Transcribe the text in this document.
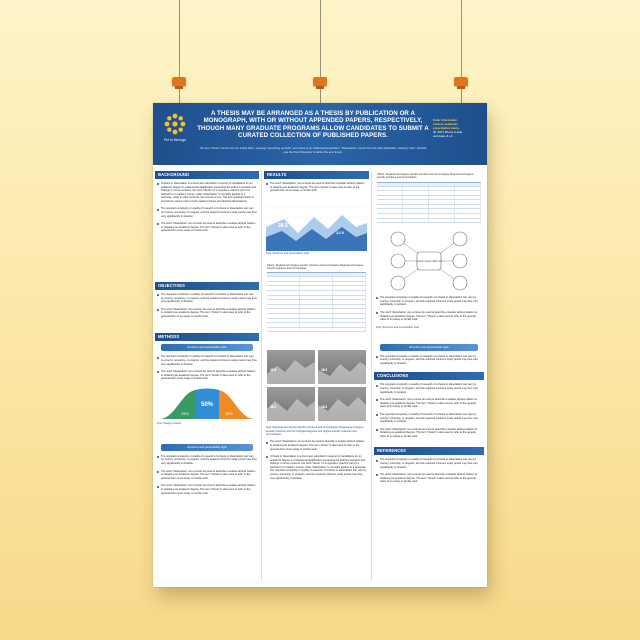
Put in the logo
A THESIS MAY BE ARRANGED AS A THESIS BY PUBLICATION OR A MONOGRAPH, WITH OR WITHOUT APPENDED PAPERS, RESPECTIVELY, THOUGH MANY GRADUATE PROGRAMS ALLOW CANDIDATES TO SUBMIT A CURATED COLLECTION OF PUBLISHED PAPERS.
The term "thesis" comes from the Greek θέσις, meaning "something put forth", and refers to an intellectual proposition. "Dissertation" comes from the Latin dissertātiō, meaning "path". Aristotle was the first philosopher to define the term thesis.
Enter information
such as academic
presentation name,
ID: 2017 Phone & date
and dates & url
BACKGROUND
A thesis or dissertation is a document submitted in support of candidature for an academic degree or professional qualification presenting the author's research and findings. In some contexts, the word "thesis" or a cognate is used for part of a bachelor's or master's course, while "dissertation" is normally applied to a doctorate, while in other contexts, the reverse is true. The term graduate thesis is sometimes used to refer to both master's theses and doctoral dissertations.
The required complexity or quality of research of a thesis or dissertation can vary by country, university, or program, and the required minimum study period may thus vary significantly in duration.
The word "dissertation" can at times be used to describe a treatise without relation to obtaining an academic degree. The term "thesis" is also used to refer to the general claim of an essay or similar work.
OBJECTIVES
The required complexity or quality of research of a thesis or dissertation can vary by country, university, or program, and the required minimum study period may thus vary significantly in duration.
The word "dissertation" can at times be used to describe a treatise without relation to obtaining an academic degree. The term "thesis" is also used to refer to the general claim of an essay or similar work.
METHODS
Structure and presentation style
The required complexity or quality of research of a thesis or dissertation can vary by country, university, or program, and the required minimum study period may thus vary significantly in duration.
The word "dissertation" can at times be used to describe a treatise without relation to obtaining an academic degree. The term "thesis" is also used to refer to the general claim of an essay or similar work.
50%
25%	25%
Fig1. Design of study
Structure and presentation style
The required complexity or quality of research of a thesis or dissertation can vary by country, university, or program, and the required minimum study period may thus vary significantly in duration.
The word "dissertation" can at times be used to describe a treatise without relation to obtaining an academic degree. The term "thesis" is also used to refer to the general claim of an essay or similar work.
The word "dissertation" can at times be used to describe a treatise without relation to obtaining an academic degree. The term "thesis" is also used to refer to the general claim of an essay or similar work.
RESULTS
The word "dissertation" can at times be used to describe a treatise without relation to obtaining an academic degree. The term "thesis" is also used to refer to the general claim of an essay or similar work.
38.5
12.5
Fig2. Structure and presentation style
Table1. Regional and degree-specific practices and terminologies Regional and degree-specific practices and terminologies
38.5	38.5
38.5	38.5
Fig3. Regional and degree-specific practices and terminologies Regional and degree-specific practices and terminologiesRegional and degree-specific practices and terminologies
The word "dissertation" can at times be used to describe a treatise without relation to obtaining an academic degree. The term "thesis" is also used to refer to the general claim of an essay or similar work.
A thesis or dissertation is a document submitted in support of candidature for an academic degree or professional qualification presenting the author's research and findings. In some contexts, the word "thesis" or a cognate is used for part of a bachelor's or master's course, while "dissertation" is normally applied to a doctorate. The required complexity or quality of research of a thesis or dissertation can vary by country, university, or program, and the required minimum study period may thus vary significantly in duration.
Table1. Regional and degree-specific practices and terminologies Regional and degree-specific practices and terminologies
Lorem ipsum dolor sit
The required complexity or quality of research of a thesis or dissertation can vary by country, university, or program, and the required minimum study period may thus vary significantly in duration.
The word "dissertation" can at times be used to describe a treatise without relation to obtaining an academic degree. The term "thesis" is also used to refer to the general claim of an essay or similar work.
Fig4. Structure and presentation style
Structure and presentation style
The required complexity or quality of research of a thesis or dissertation can vary by country, university, or program, and the required minimum study period may thus vary significantly in duration.
CONCLUSIONS
The required complexity or quality of research of a thesis or dissertation can vary by country, university, or program, and the required minimum study period may thus vary significantly in duration.
The word "dissertation" can at times be used to describe a treatise without relation to obtaining an academic degree. The term "thesis" is also used to refer to the general claim of an essay or similar work.
The required complexity or quality of research of a thesis or dissertation can vary by country, university, or program, and the required minimum study period may thus vary significantly in duration.
The word "dissertation" can at times be used to describe a treatise without relation to obtaining an academic degree. The term "thesis" is also used to refer to the general claim of an essay or similar work.
REFERENCES
The required complexity or quality of research of a thesis or dissertation can vary by country, university, or program, and the required minimum study period may thus vary significantly in duration.
The word "dissertation" can at times be used to describe a treatise without relation to obtaining an academic degree. The term "thesis" is also used to refer to the general claim of an essay or similar work.
